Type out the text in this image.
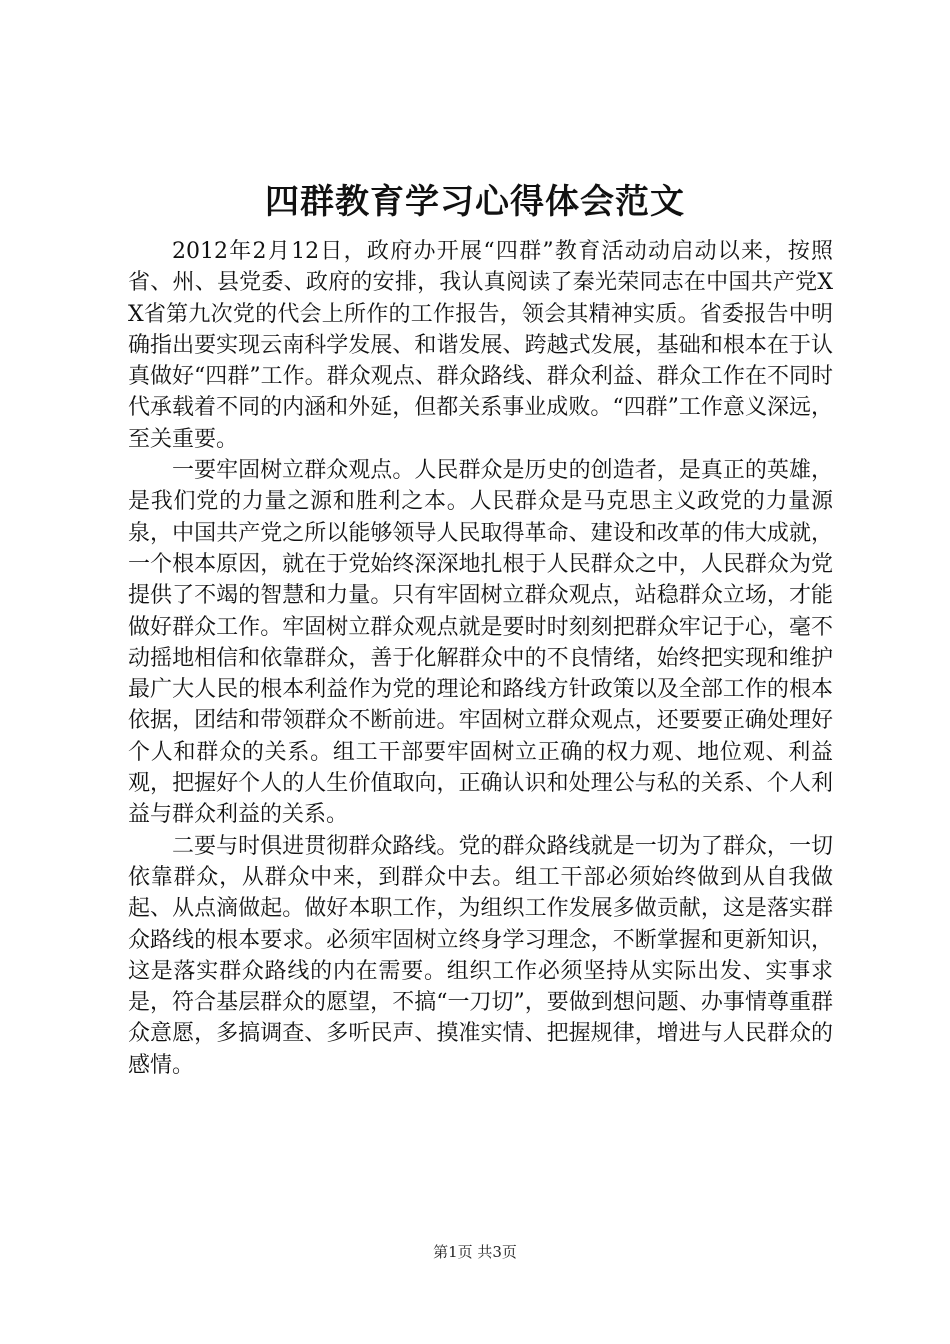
四群教育学习心得体会范文

2012年2月12日，政府办开展“四群”教育活动动启动以来，按照省、州、县党委、政府的安排，我认真阅读了秦光荣同志在中国共产党XX省第九次党的代会上所作的工作报告，领会其精神实质。省委报告中明确指出要实现云南科学发展、和谐发展、跨越式发展，基础和根本在于认真做好“四群”工作。群众观点、群众路线、群众利益、群众工作在不同时代承载着不同的内涵和外延，但都关系事业成败。“四群”工作意义深远，至关重要。

一要牢固树立群众观点。人民群众是历史的创造者，是真正的英雄，是我们党的力量之源和胜利之本。人民群众是马克思主义政党的力量源泉，中国共产党之所以能够领导人民取得革命、建设和改革的伟大成就，一个根本原因，就在于党始终深深地扎根于人民群众之中，人民群众为党提供了不竭的智慧和力量。只有牢固树立群众观点，站稳群众立场，才能做好群众工作。牢固树立群众观点就是要时时刻刻把群众牢记于心，毫不动摇地相信和依靠群众，善于化解群众中的不良情绪，始终把实现和维护最广大人民的根本利益作为党的理论和路线方针政策以及全部工作的根本依据，团结和带领群众不断前进。牢固树立群众观点，还要要正确处理好个人和群众的关系。组工干部要牢固树立正确的权力观、地位观、利益观，把握好个人的人生价值取向，正确认识和处理公与私的关系、个人利益与群众利益的关系。

二要与时俱进贯彻群众路线。党的群众路线就是一切为了群众，一切依靠群众，从群众中来，到群众中去。组工干部必须始终做到从自我做起、从点滴做起。做好本职工作，为组织工作发展多做贡献，这是落实群众路线的根本要求。必须牢固树立终身学习理念，不断掌握和更新知识，这是落实群众路线的内在需要。组织工作必须坚持从实际出发、实事求是，符合基层群众的愿望，不搞“一刀切”，要做到想问题、办事情尊重群众意愿，多搞调查、多听民声、摸准实情、把握规律，增进与人民群众的感情。

第1页 共3页
